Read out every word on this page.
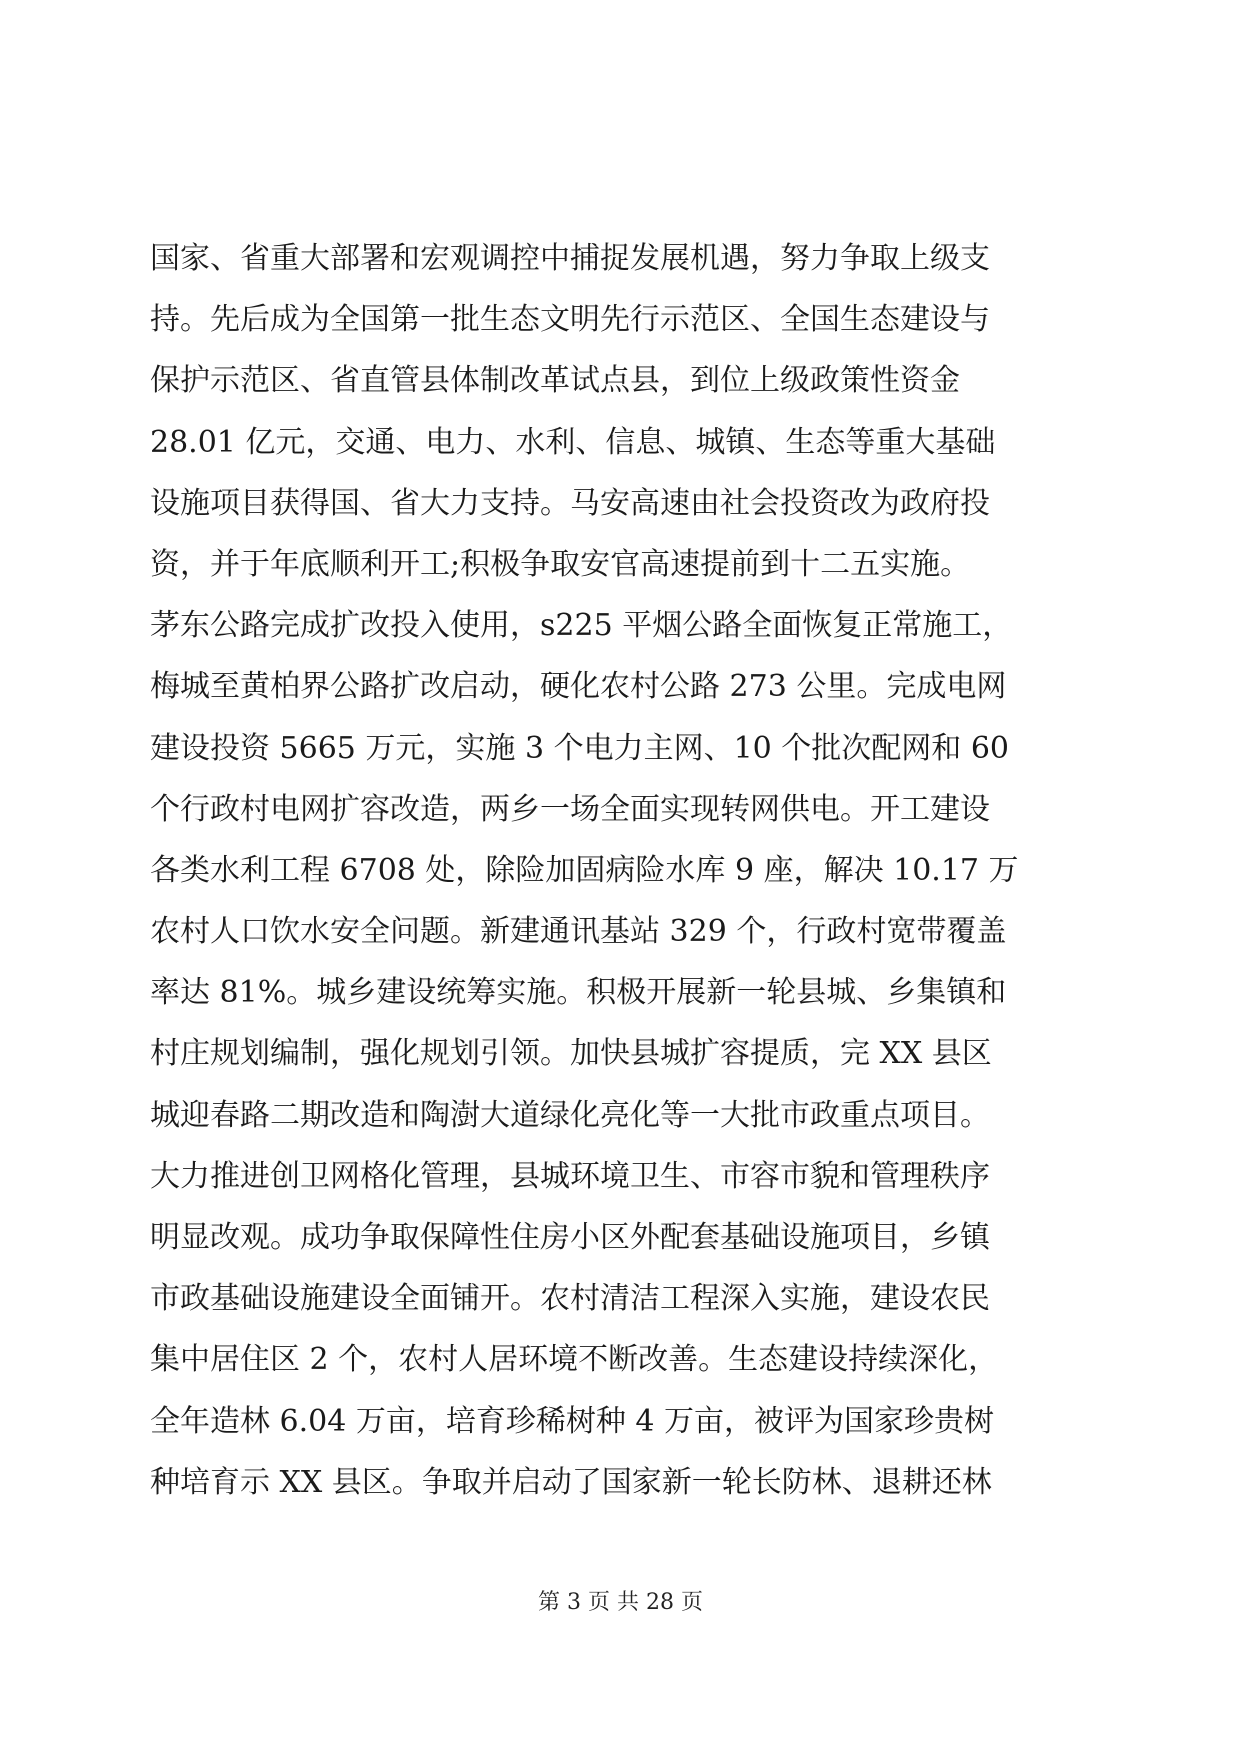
国家、省重大部署和宏观调控中捕捉发展机遇，努力争取上级支
持。先后成为全国第一批生态文明先行示范区、全国生态建设与
保护示范区、省直管县体制改革试点县，到位上级政策性资金
28.01 亿元，交通、电力、水利、信息、城镇、生态等重大基础
设施项目获得国、省大力支持。马安高速由社会投资改为政府投
资，并于年底顺利开工;积极争取安官高速提前到十二五实施。
茅东公路完成扩改投入使用，s225 平烟公路全面恢复正常施工，
梅城至黄柏界公路扩改启动，硬化农村公路 273 公里。完成电网
建设投资 5665 万元，实施 3 个电力主网、10 个批次配网和 60
个行政村电网扩容改造，两乡一场全面实现转网供电。开工建设
各类水利工程 6708 处，除险加固病险水库 9 座，解决 10.17 万
农村人口饮水安全问题。新建通讯基站 329 个，行政村宽带覆盖
率达 81%。城乡建设统筹实施。积极开展新一轮县城、乡集镇和
村庄规划编制，强化规划引领。加快县城扩容提质，完 XX 县区
城迎春路二期改造和陶澍大道绿化亮化等一大批市政重点项目。
大力推进创卫网格化管理，县城环境卫生、市容市貌和管理秩序
明显改观。成功争取保障性住房小区外配套基础设施项目，乡镇
市政基础设施建设全面铺开。农村清洁工程深入实施，建设农民
集中居住区 2 个，农村人居环境不断改善。生态建设持续深化，
全年造林 6.04 万亩，培育珍稀树种 4 万亩，被评为国家珍贵树
种培育示 XX 县区。争取并启动了国家新一轮长防林、退耕还林
第 3 页 共 28 页
